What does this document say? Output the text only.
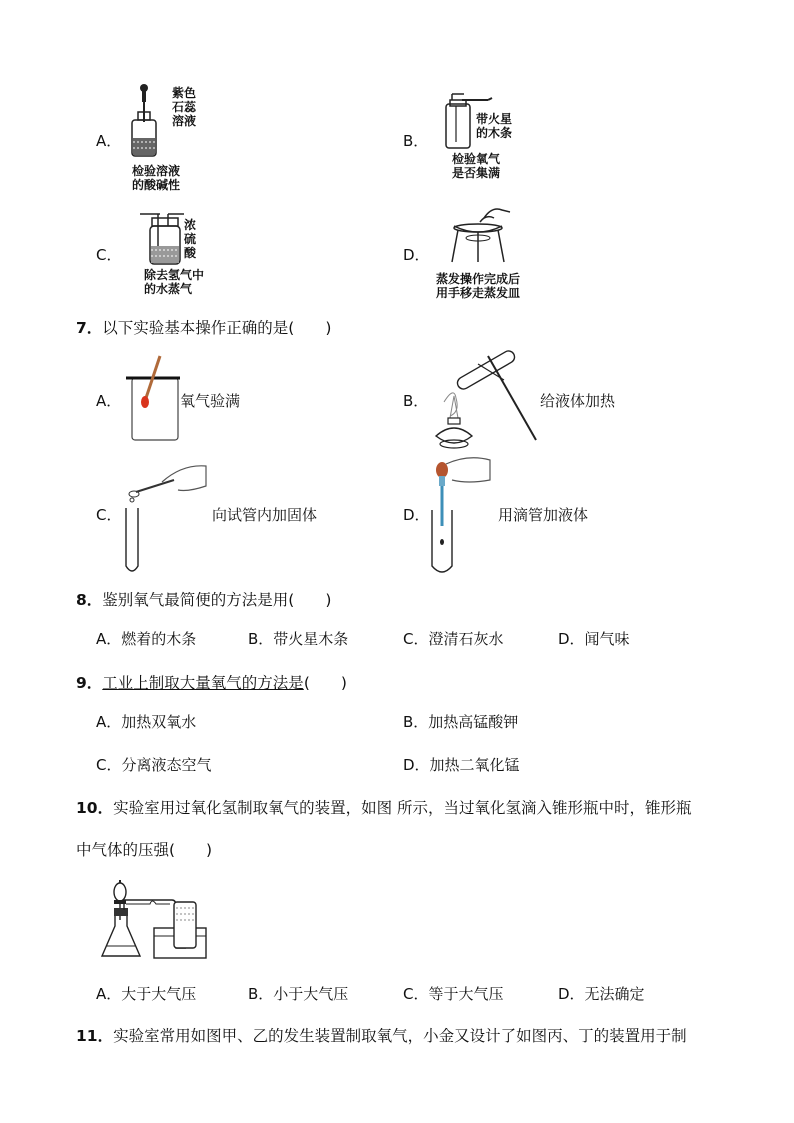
A．
紫色
石蕊
溶液
检验溶液
的酸碱性
B．
带火星
的木条
检验氧气
是否集满
C．
浓
硫
酸
除去氢气中
的水蒸气
D．
蒸发操作完成后
用手移走蒸发皿
7．以下实验基本操作正确的是(　　)
A．	氧气验满	B．	给液体加热
C．	向试管内加固体	D．	用滴管加液体
8．鉴别氧气最简便的方法是用(　　)
A．燃着的木条	B．带火星木条	C．澄清石灰水	D．闻气味
9．工业上制取大量氧气的方法是(　　)
A．加热双氧水	B．加热高锰酸钾
C．分离液态空气	D．加热二氧化锰
10．实验室用过氧化氢制取氧气的装置，如图 所示，当过氧化氢滴入锥形瓶中时，锥形瓶
中气体的压强(　　)
A．大于大气压	B．小于大气压	C．等于大气压	D．无法确定
11．实验室常用如图甲、乙的发生装置制取氧气，小金又设计了如图丙、丁的装置用于制
